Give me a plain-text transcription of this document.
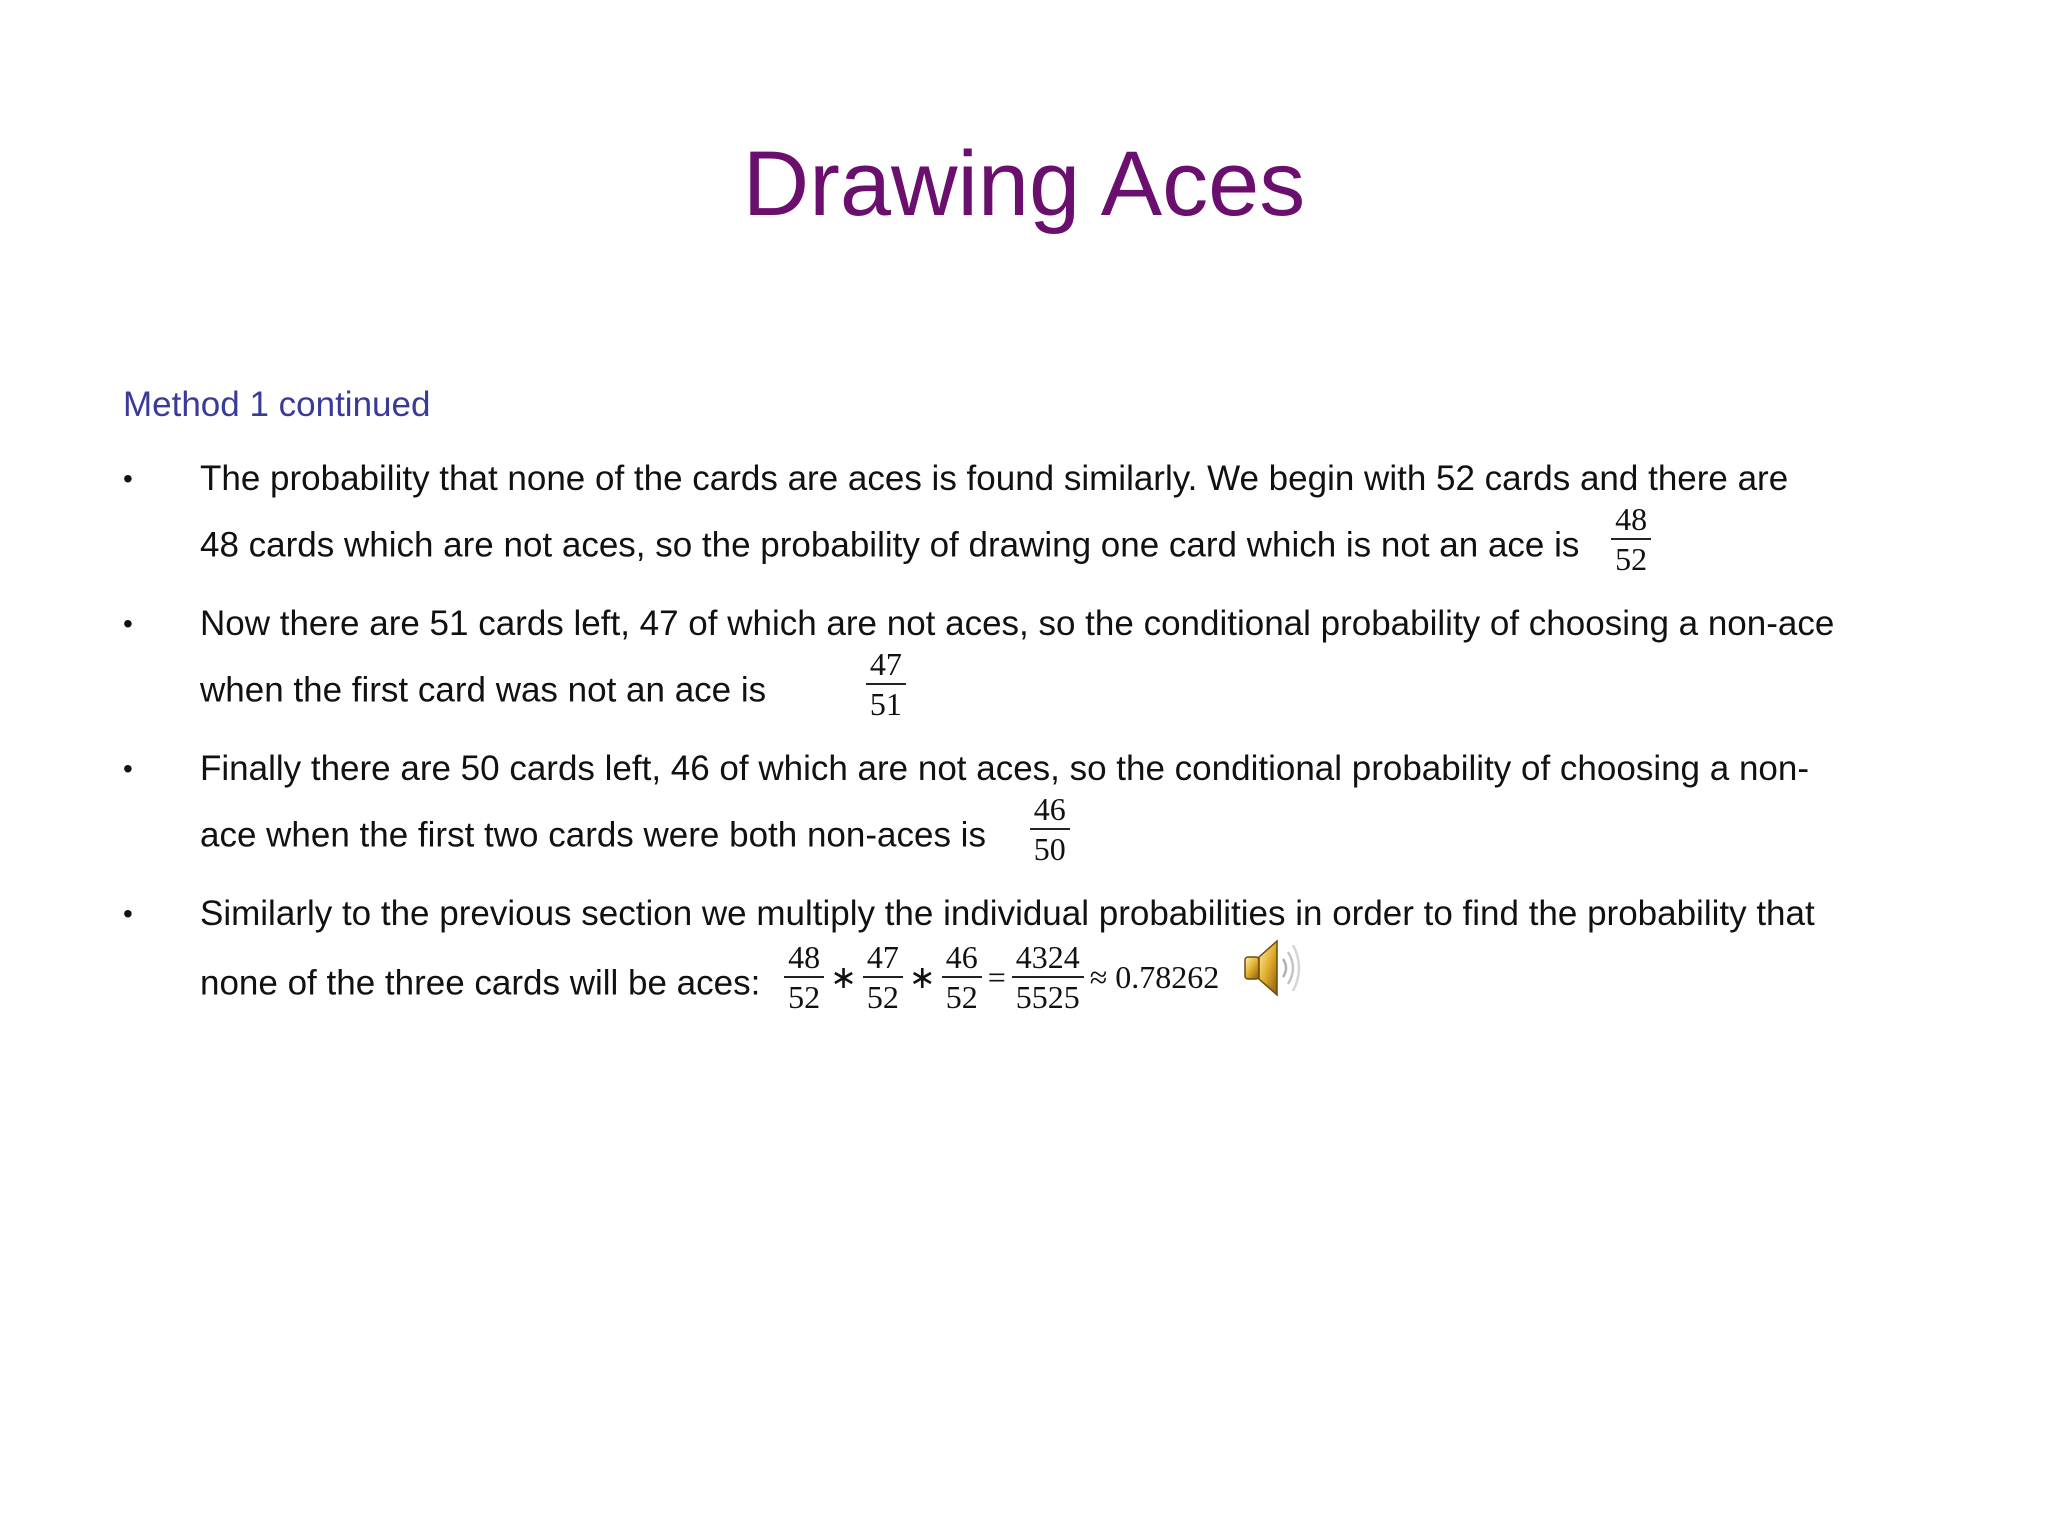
Drawing Aces
Method 1 continued
• The probability that none of the cards are aces is found similarly. We begin with 52 cards and there are
48 cards which are not aces, so the probability of drawing one card which is not an ace is $\frac{48}{52}$
• Now there are 51 cards left, 47 of which are not aces, so the conditional probability of choosing a non-ace
when the first card was not an ace is	$\frac{47}{51}$
• Finally there are 50 cards left, 46 of which are not aces, so the conditional probability of choosing a non-
ace when the first two cards were both non-aces is $\frac{46}{50}$
• Similarly to the previous section we multiply the individual probabilities in order to find the probability that
none of the three cards will be aces: $\frac{48}{52}$ ∗ $\frac{47}{52}$ ∗ $\frac{46}{52} = \frac{4324}{5525} \approx 0.78262$
